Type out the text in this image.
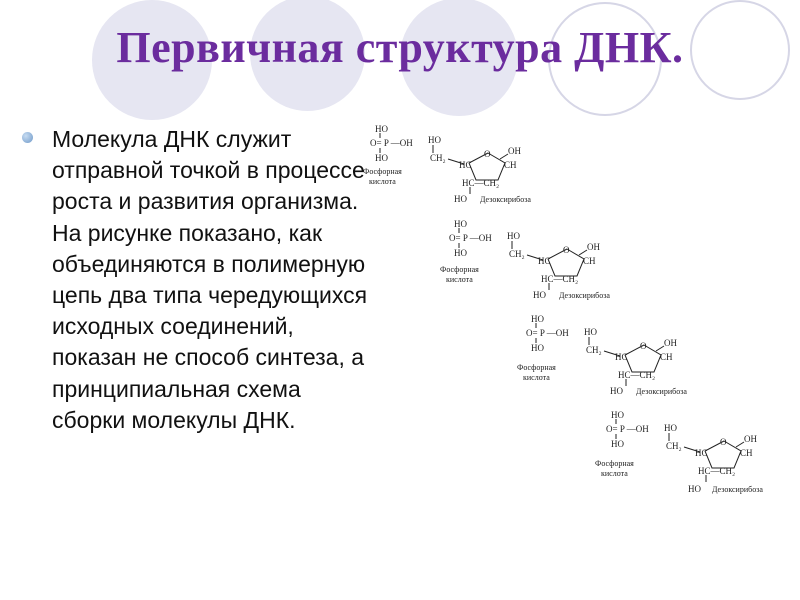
Первичная структура ДНК.
Молекула ДНК служит отправной точкой в процессе роста и развития организма. На рисунке показано, как объединяются в полимерную цепь два типа чередующихся исходных соединений, показан не способ синтеза, а принципиальная схема
сборки молекулы ДНК.
HO
O= P —OH
HO
Фосфорная
кислота
HO
CH₂	O OH
HC	CH
HC—CH₂
HO Дезоксирибоза
HO
O= P —OH
HO
Фосфорная
кислота
HO
CH₂	O OH
HC	CH
HC—CH₂
HO Дезоксирибоза
HO
O= P —OH
HO
Фосфорная
кислота
HO
CH₂	O OH
HC	CH
HC—CH₂
HO Дезоксирибоза
HO
O= P —OH
HO
Фосфорная
кислота
HO
CH₂	O OH
HC	CH
HC—CH₂
HO Дезоксирибоза
